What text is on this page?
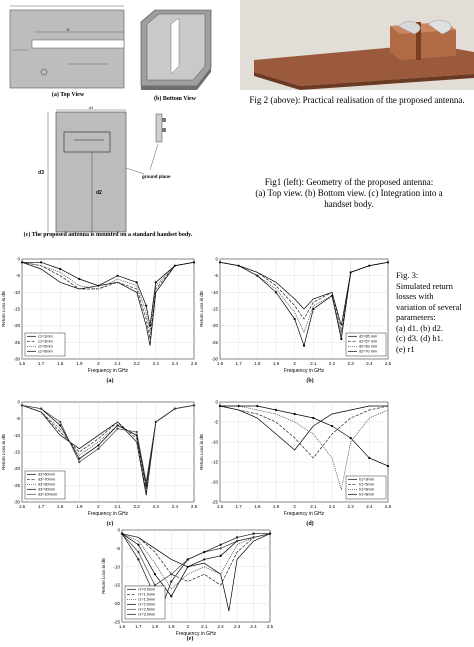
l1
(a) Top View
(b) Bottom View	Fig 2 (above): Practical realisation of the proposed antenna.
d1
d3
d2
ground plane
(c) The proposed antenna is mounted on a standard handset body.
Fig1 (left): Geometry of the proposed antenna:
(a) Top view. (b) Bottom view. (c) Integration into a
handset body.
Fig. 3:
Simulated return
losses with
variation of several
parameters:
(a) d1. (b) d2.
(c) d3. (d) h1.
(e) r1
1.6	1.7	1.8	1.9	2	2.1	2.2	2.3	2.4	2.5
0
-5
-10
-15
-20
-25
-30
Frequency in GHz
Return Loss in dB
c1=1mm
c1=3mm
c1=5mm
c1=6mm
(a)
1.6	1.7	1.8	1.9	2	2.1	2.2	2.3	2.4	2.5
0
-5
-10
-15
-20
-25
-30
Frequency in GHz
Return Loss in dB
d2=65 mm
d2=67 mm
d2=69 mm
d2=70 mm
(b)
1.6	1.7	1.8	1.9	2	2.1	2.2	2.3	2.4	2.5
0
-5
-10
-15
-20
-25
-30
Frequency in GHz
Return Loss in dB
d3=60mm
d3=70mm
d3=80mm
d3=90mm
d3=100mm
(c)
1.6	1.7	1.8	1.9	2	2.1	2.2	2.3	2.4	2.5
0
-5
-10
-15
-20
-25
Frequency in GHz
Return Loss in dB
h1=3mm
h1=5mm
h1=6mm
h1=8mm
(d)
1.6 1.7 1.8 1.9	2	2.1 2.2 2.3 2.4 2.5
0
-5
-10
-15
-20
-25
Frequency in GHz
Return Loss in dB	r1=0.5mm
r1=1.0mm
r1=1.5mm
r1=2.0mm
r1=2.5mm
r1=3.0mm
(e)
